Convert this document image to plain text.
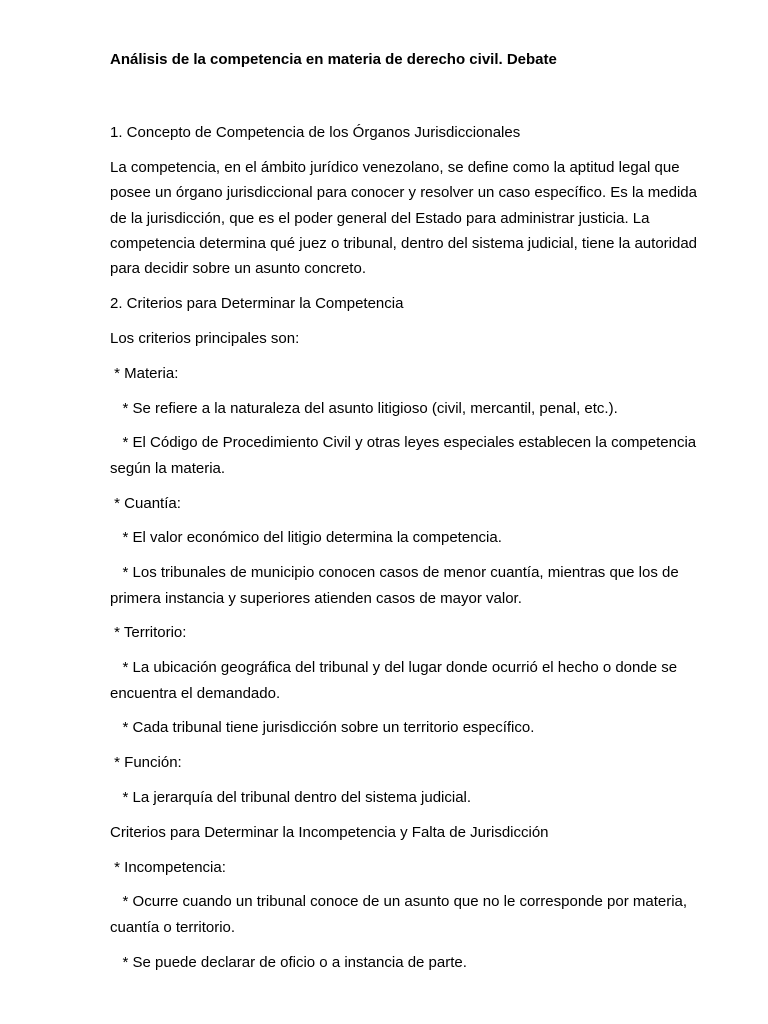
Análisis de la competencia en materia de derecho civil. Debate

1. Concepto de Competencia de los Órganos Jurisdiccionales

La competencia, en el ámbito jurídico venezolano, se define como la aptitud legal que posee un órgano jurisdiccional para conocer y resolver un caso específico. Es la medida de la jurisdicción, que es el poder general del Estado para administrar justicia. La competencia determina qué juez o tribunal, dentro del sistema judicial, tiene la autoridad para decidir sobre un asunto concreto.

2. Criterios para Determinar la Competencia

Los criterios principales son:

* Materia:

* Se refiere a la naturaleza del asunto litigioso (civil, mercantil, penal, etc.).

* El Código de Procedimiento Civil y otras leyes especiales establecen la competencia según la materia.

* Cuantía:

* El valor económico del litigio determina la competencia.

* Los tribunales de municipio conocen casos de menor cuantía, mientras que los de primera instancia y superiores atienden casos de mayor valor.

* Territorio:

* La ubicación geográfica del tribunal y del lugar donde ocurrió el hecho o donde se encuentra el demandado.

* Cada tribunal tiene jurisdicción sobre un territorio específico.

* Función:

* La jerarquía del tribunal dentro del sistema judicial.

Criterios para Determinar la Incompetencia y Falta de Jurisdicción

* Incompetencia:

* Ocurre cuando un tribunal conoce de un asunto que no le corresponde por materia, cuantía o territorio.

* Se puede declarar de oficio o a instancia de parte.
